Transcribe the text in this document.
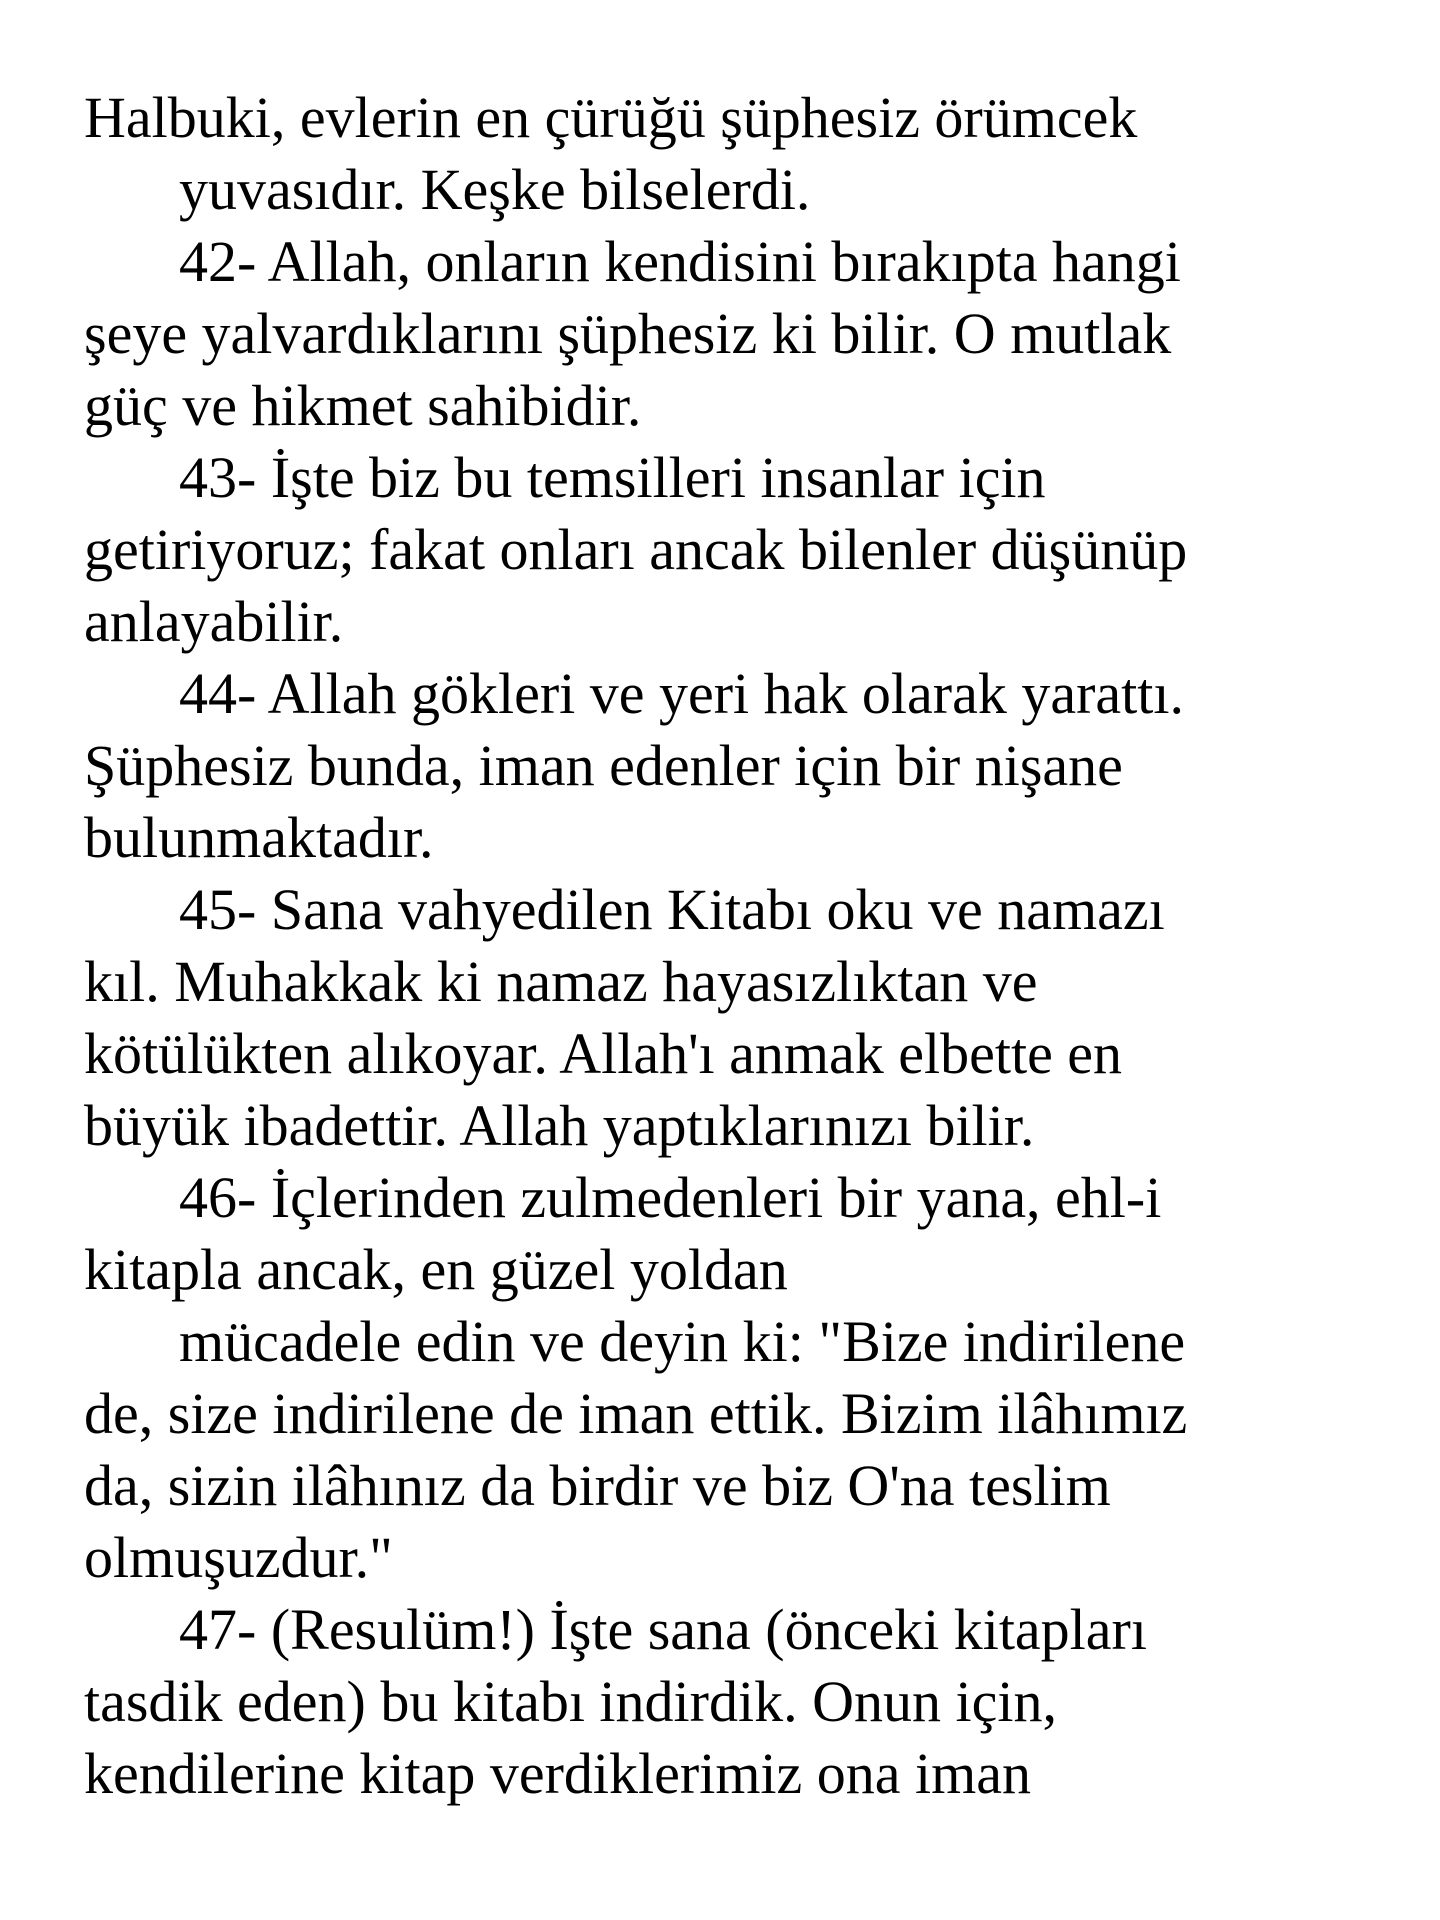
Halbuki, evlerin en çürüğü şüphesiz örümcek
yuvasıdır. Keşke bilselerdi.
42- Allah, onların kendisini bırakıpta hangi
şeye yalvardıklarını şüphesiz ki bilir. O mutlak
güç ve hikmet sahibidir.
43- İşte biz bu temsilleri insanlar için
getiriyoruz; fakat onları ancak bilenler düşünüp
anlayabilir.
44- Allah gökleri ve yeri hak olarak yarattı.
Şüphesiz bunda, iman edenler için bir nişane
bulunmaktadır.
45- Sana vahyedilen Kitabı oku ve namazı
kıl. Muhakkak ki namaz hayasızlıktan ve
kötülükten alıkoyar. Allah'ı anmak elbette en
büyük ibadettir. Allah yaptıklarınızı bilir.
46- İçlerinden zulmedenleri bir yana, ehl-i
kitapla ancak, en güzel yoldan
mücadele edin ve deyin ki: "Bize indirilene
de, size indirilene de iman ettik. Bizim ilâhımız
da, sizin ilâhınız da birdir ve biz O'na teslim
olmuşuzdur."
47- (Resulüm!) İşte sana (önceki kitapları
tasdik eden) bu kitabı indirdik. Onun için,
kendilerine kitap verdiklerimiz ona iman
